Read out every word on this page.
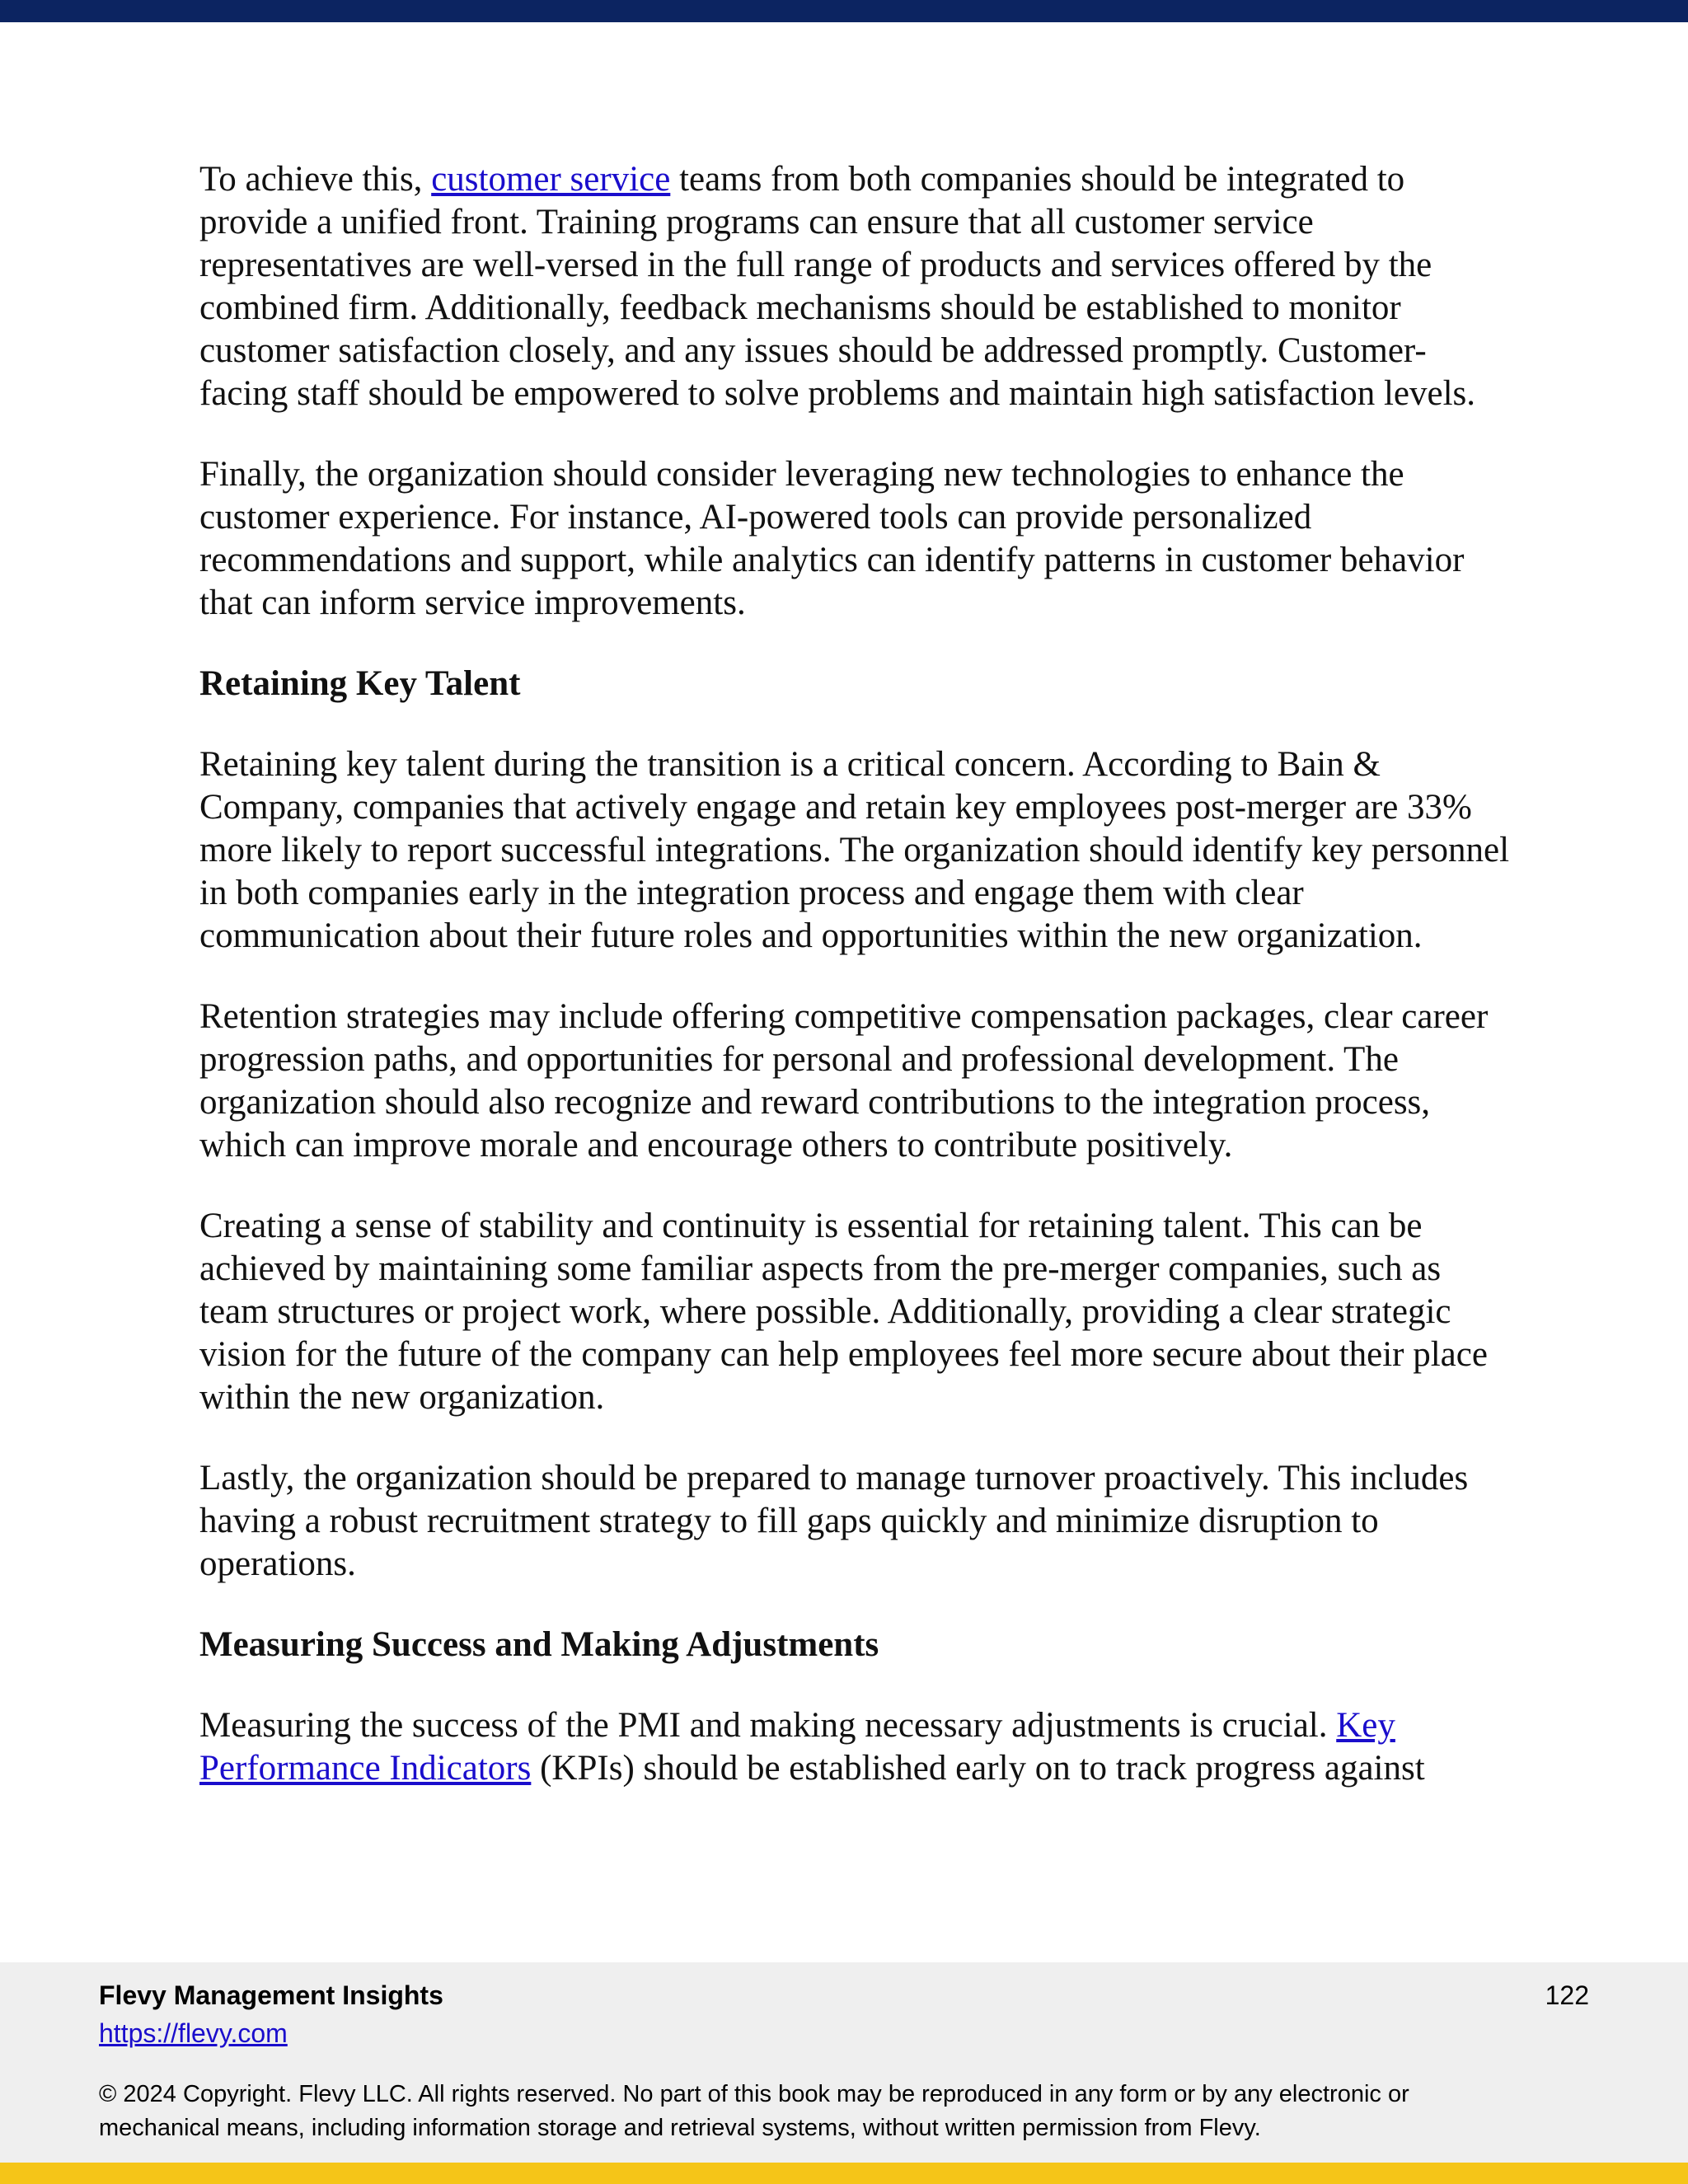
To achieve this, customer service teams from both companies should be integrated to provide a unified front. Training programs can ensure that all customer service representatives are well-versed in the full range of products and services offered by the combined firm. Additionally, feedback mechanisms should be established to monitor customer satisfaction closely, and any issues should be addressed promptly. Customer-facing staff should be empowered to solve problems and maintain high satisfaction levels.

Finally, the organization should consider leveraging new technologies to enhance the customer experience. For instance, AI-powered tools can provide personalized recommendations and support, while analytics can identify patterns in customer behavior that can inform service improvements.

Retaining Key Talent

Retaining key talent during the transition is a critical concern. According to Bain & Company, companies that actively engage and retain key employees post-merger are 33% more likely to report successful integrations. The organization should identify key personnel in both companies early in the integration process and engage them with clear communication about their future roles and opportunities within the new organization.

Retention strategies may include offering competitive compensation packages, clear career progression paths, and opportunities for personal and professional development. The organization should also recognize and reward contributions to the integration process, which can improve morale and encourage others to contribute positively.

Creating a sense of stability and continuity is essential for retaining talent. This can be achieved by maintaining some familiar aspects from the pre-merger companies, such as team structures or project work, where possible. Additionally, providing a clear strategic vision for the future of the company can help employees feel more secure about their place within the new organization.

Lastly, the organization should be prepared to manage turnover proactively. This includes having a robust recruitment strategy to fill gaps quickly and minimize disruption to operations.

Measuring Success and Making Adjustments

Measuring the success of the PMI and making necessary adjustments is crucial. Key Performance Indicators (KPIs) should be established early on to track progress against

Flevy Management Insights
https://flevy.com
122
© 2024 Copyright. Flevy LLC. All rights reserved. No part of this book may be reproduced in any form or by any electronic or mechanical means, including information storage and retrieval systems, without written permission from Flevy.
